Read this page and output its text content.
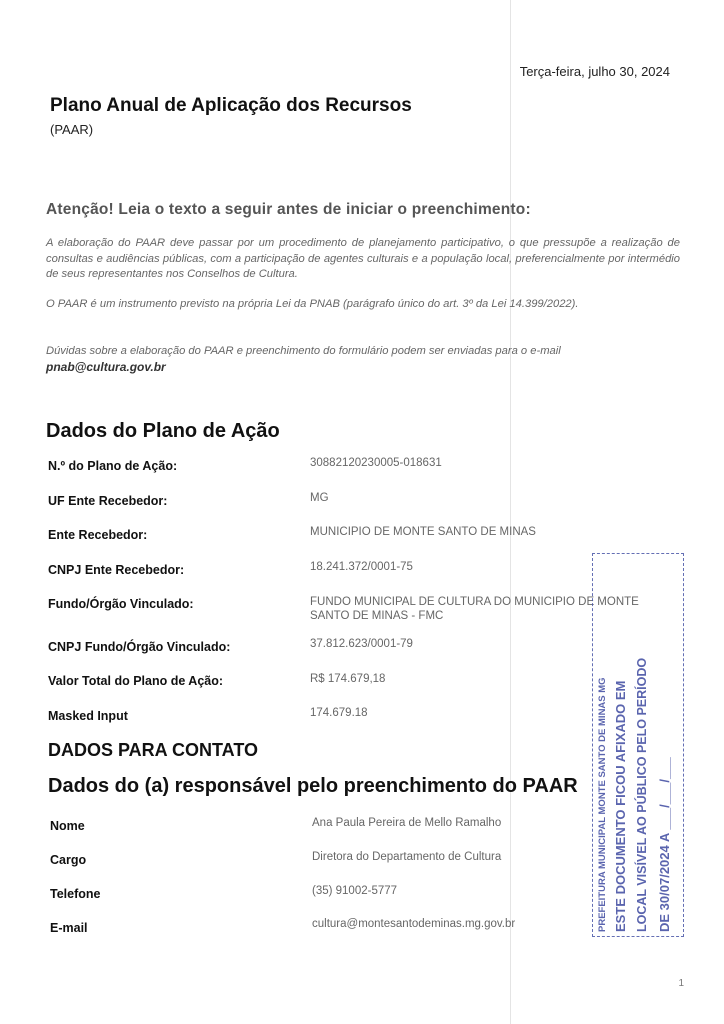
Terça-feira, julho 30, 2024
Plano Anual de Aplicação dos Recursos
(PAAR)
Atenção! Leia o texto a seguir antes de iniciar o preenchimento:
A elaboração do PAAR deve passar por um procedimento de planejamento participativo, o que pressupõe a realização de consultas e audiências públicas, com a participação de agentes culturais e a população local, preferencialmente por intermédio de seus representantes nos Conselhos de Cultura.
O PAAR é um instrumento previsto na própria Lei da PNAB (parágrafo único do art. 3º da Lei 14.399/2022).
Dúvidas sobre a elaboração do PAAR e preenchimento do formulário podem ser enviadas para o e-mail
pnab@cultura.gov.br
Dados do Plano de Ação
N.º do Plano de Ação:	30882120230005-018631
UF Ente Recebedor:	MG
Ente Recebedor:	MUNICIPIO DE MONTE SANTO DE MINAS
CNPJ Ente Recebedor:	18.241.372/0001-75
Fundo/Órgão Vinculado:	FUNDO MUNICIPAL DE CULTURA DO MUNICIPIO DE MONTE SANTO DE MINAS - FMC
CNPJ Fundo/Órgão Vinculado:	37.812.623/0001-79
Valor Total do Plano de Ação:	R$ 174.679,18
Masked Input	174.679.18
DADOS PARA CONTATO
Dados do (a) responsável pelo preenchimento do PAAR
Nome	Ana Paula Pereira de Mello Ramalho
Cargo	Diretora do Departamento de Cultura
Telefone	(35) 91002-5777
E-mail	cultura@montesantodeminas.mg.gov.br	PREFEITURA MUNICIPAL MONTE SANTO DE MINAS MG ESTE DOCUMENTO FICOU AFIXADO EM LOCAL VISÍVEL AO PÚBLICO PELO PERÍODO DE 30/07/2024 A ___/___/___
1
